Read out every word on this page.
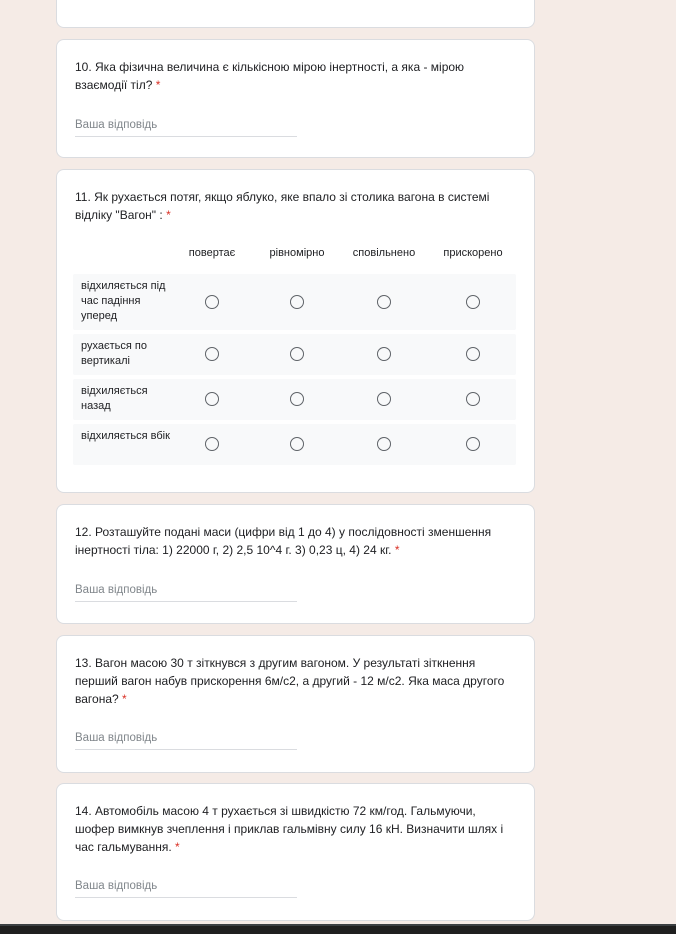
10. Яка фізична величина є кількісною мірою інертності, а яка - мірою взаємодії тіл? *
Ваша відповідь
11. Як рухається потяг, якщо яблуко, яке впало зі столика вагона в системі відліку "Вагон" : *
повертає	рівномірно	сповільнено	прискорено
відхиляється під час падіння уперед
рухається по вертикалі
відхиляється назад
відхиляється вбік
12. Розташуйте подані маси (цифри від 1 до 4) у послідовності зменшення інертності тіла: 1) 22000 г, 2) 2,5 10^4 г. 3) 0,23 ц, 4) 24 кг. *
Ваша відповідь
13. Вагон масою 30 т зіткнувся з другим вагоном. У результаті зіткнення перший вагон набув прискорення 6м/с2, а другий - 12 м/с2. Яка маса другого вагона? *
Ваша відповідь
14. Автомобіль масою 4 т рухається зі швидкістю 72 км/год. Гальмуючи, шофер вимкнув зчеплення і приклав гальмівну силу 16 кН. Визначити шлях і час гальмування. *
Ваша відповідь
